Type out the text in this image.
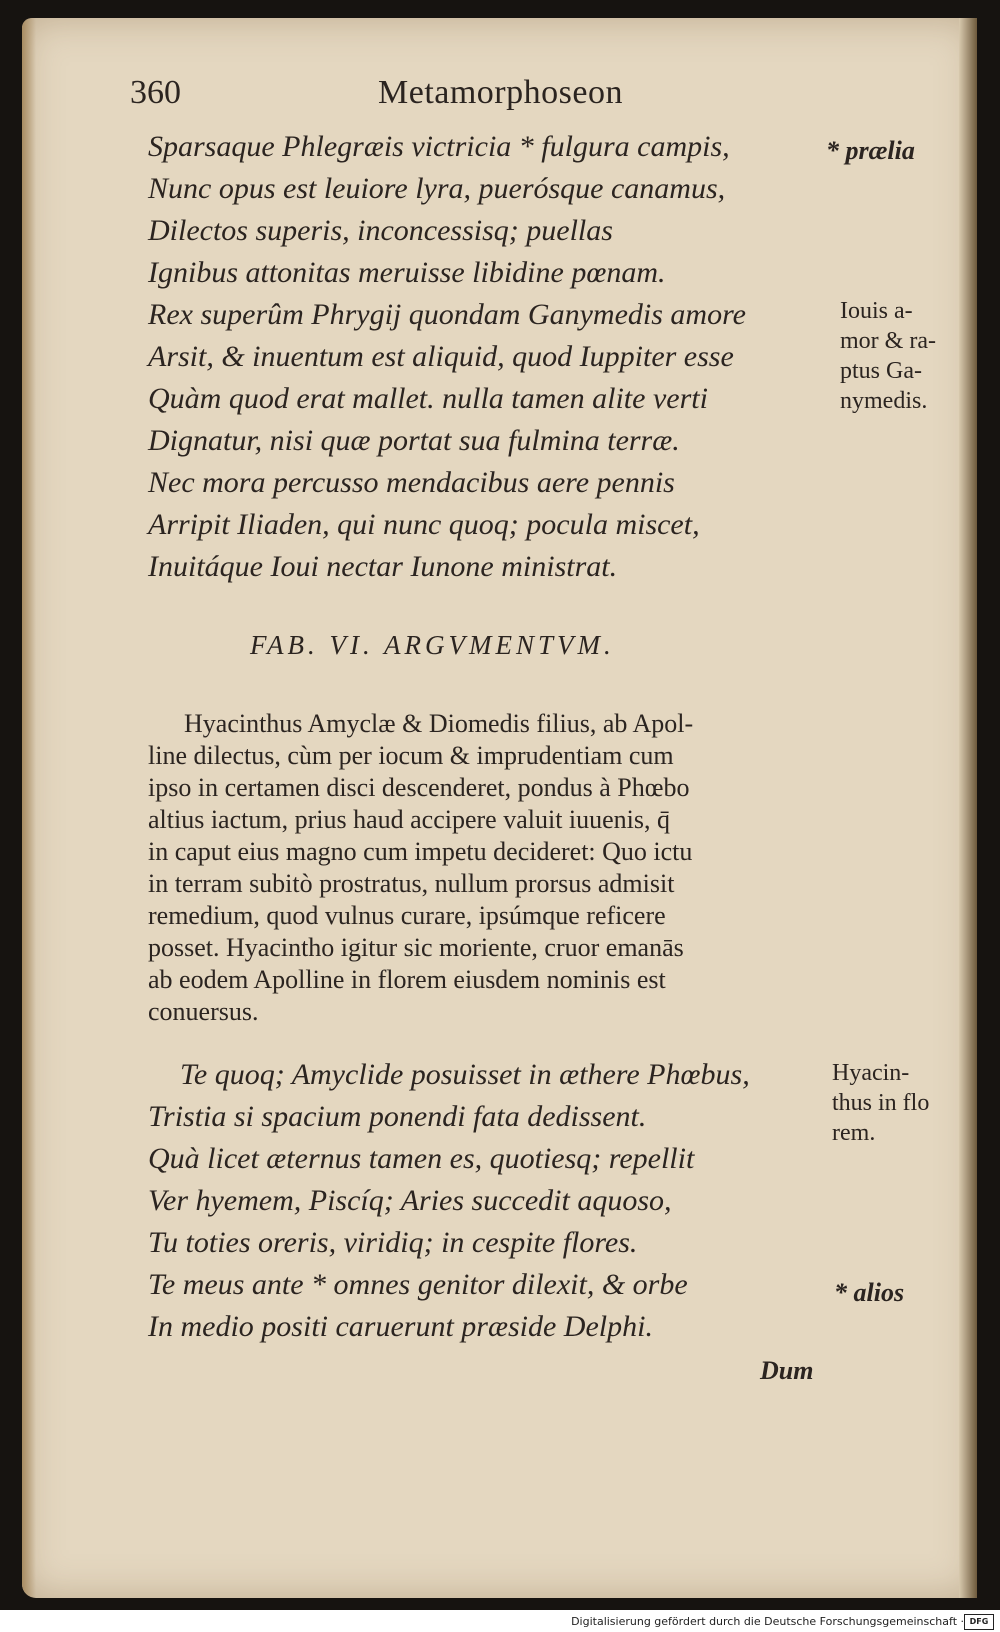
360	Metamorphoseon
Sparsaque Phlegræis victricia * fulgura campis,
Nunc opus est leuiore lyra, puerósque canamus,
Dilectos superis, inconcessisq; puellas
Ignibus attonitas meruisse libidine pœnam.
Rex superûm Phrygij quondam Ganymedis amore
Arsit, & inuentum est aliquid, quod Iuppiter esse
Quàm quod erat mallet. nulla tamen alite verti
Dignatur, nisi quæ portat sua fulmina terræ.
Nec mora percusso mendacibus aere pennis
Arripit Iliaden, qui nunc quoq; pocula miscet,
Inuitáque Ioui nectar Iunone ministrat.
* prælia
Iouis a-
mor & ra-
ptus Ga-
nymedis.
FAB. VI. ARGVMENTVM.
Hyacinthus Amyclæ & Diomedis filius, ab Apol-
line dilectus, cùm per iocum & imprudentiam cum
ipso in certamen disci descenderet, pondus à Phœbo
altius iactum, prius haud accipere valuit iuuenis, q̄
in caput eius magno cum impetu decideret: Quo ictu
in terram subitò prostratus, nullum prorsus admisit
remedium, quod vulnus curare, ipsúmque reficere
posset. Hyacintho igitur sic moriente, cruor emanās
ab eodem Apolline in florem eiusdem nominis est
conuersus.
Te quoq; Amyclide posuisset in æthere Phœbus,
Tristia si spacium ponendi fata dedissent.
Quà licet æternus tamen es, quotiesq; repellit
Ver hyemem, Piscíq; Aries succedit aquoso,
Tu toties oreris, viridiq; in cespite flores.
Te meus ante * omnes genitor dilexit, & orbe
In medio positi caruerunt præside Delphi.
Hyacin-
thus in flo
rem.
* alios
Dum
Digitalisierung gefördert durch die Deutsche Forschungsgemeinschaft · DFG
